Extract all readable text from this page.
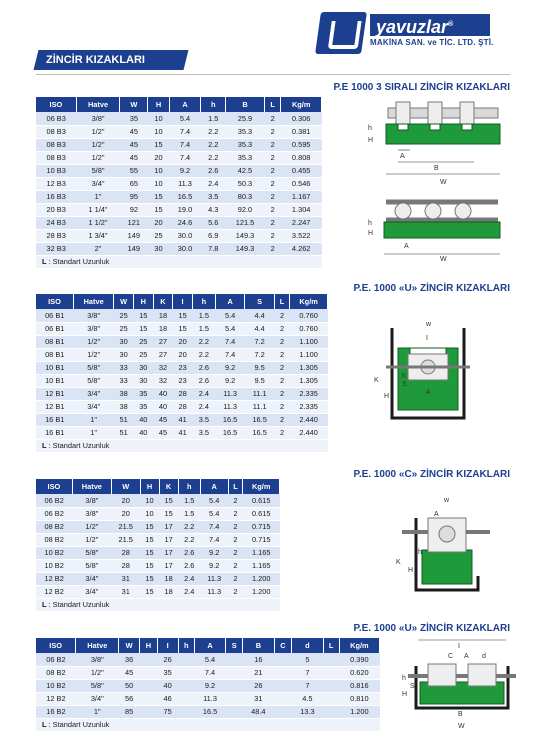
yavuzlar®
MAKİNA SAN. ve TİC. LTD. ŞTİ.
ZİNCİR KIZAKLARI
P.E 1000 3 SIRALI ZİNCİR KIZAKLARI
ISO	Hatve	W	H	A	h	B	L	Kg/m
06 B3	3/8"	35	10	5.4	1.5	25.9	2	0.306
08 B3	1/2"	45	10	7.4	2.2	35.3	2	0.381
08 B3	1/2"	45	15	7.4	2.2	35.3	2	0.595
08 B3	1/2"	45	20	7.4	2.2	35.3	2	0.808
10 B3	5/8"	55	10	9.2	2.6	42.5	2	0.455
12 B3	3/4"	65	10	11.3	2.4	50.3	2	0.546
16 B3	1"	95	15	16.5	3.5	80.3	2	1.167
20 B3	1 1/4"	92	15	19.0	4.3	92.0	2	1.304
24 B3	1 1/2"	121	20	24.6	5.6	121.5	2	2.247
28 B3	1 3/4"	149	25	30.0	6.9	149.3	2	3.522
32 B3	2"	149	30	30.0	7.8	149.3	2	4.262
L : Standart Uzunluk								
h
H
A
B
W
h
H
A
W
P.E. 1000 «U» ZİNCİR KIZAKLARI
ISO	Hatve	W	H	K	I	h	A	S	L	Kg/m
06 B1	3/8"	25	15	18	15	1.5	5.4	4.4	2	0.760
06 B1	3/8"	25	15	18	15	1.5	5.4	4.4	2	0.760
08 B1	1/2"	30	25	27	20	2.2	7.4	7.2	2	1.100
08 B1	1/2"	30	25	27	20	2.2	7.4	7.2	2	1.100
10 B1	5/8"	33	30	32	23	2.6	9.2	9.5	2	1.305
10 B1	5/8"	33	30	32	23	2.6	9.2	9.5	2	1.305
12 B1	3/4"	38	35	40	28	2.4	11.3	11.1	2	2.335
12 B1	3/4"	38	35	40	28	2.4	11.3	11.1	2	2.335
16 B1	1"	51	40	45	41	3.5	16.5	16.5	2	2.440
16 B1	1"	51	40	45	41	3.5	16.5	16.5	2	2.440
L : Standart Uzunluk										
w
I
h
S
A
H
K
P.E. 1000 «C» ZİNCİR KIZAKLARI
ISO	Hatve	W	H	K	h	A	L	Kg/m
06 B2	3/8"	20	10	15	1.5	5.4	2	0.615
06 B2	3/8"	20	10	15	1.5	5.4	2	0.615
08 B2	1/2"	21.5	15	17	2.2	7.4	2	0.715
08 B2	1/2"	21.5	15	17	2.2	7.4	2	0.715
10 B2	5/8"	28	15	17	2.6	9.2	2	1.165
10 B2	5/8"	28	15	17	2.6	9.2	2	1.165
12 B2	3/4"	31	15	18	2.4	11.3	2	1.200
12 B2	3/4"	31	15	18	2.4	11.3	2	1.200
L : Standart Uzunluk								
w
A
h
H
K
P.E. 1000 «U» ZİNCİR KIZAKLARI
ISO	Hatve	W	H	I	h	A	S	B	C	d	L	Kg/m
06 B2	3/8"	36		26		5.4		16		5		0.390
08 B2	1/2"	45		35		7.4		21		7		0.620
10 B2	5/8"	50		40		9.2		26		7		0.816
12 B2	3/4"	56		46		11.3		31		4.5		0.810
16 B2	1"	85		75		16.5		48.4		13.3		1.200
L : Standart Uzunluk												
I
C A d
h
H
S
B
W
